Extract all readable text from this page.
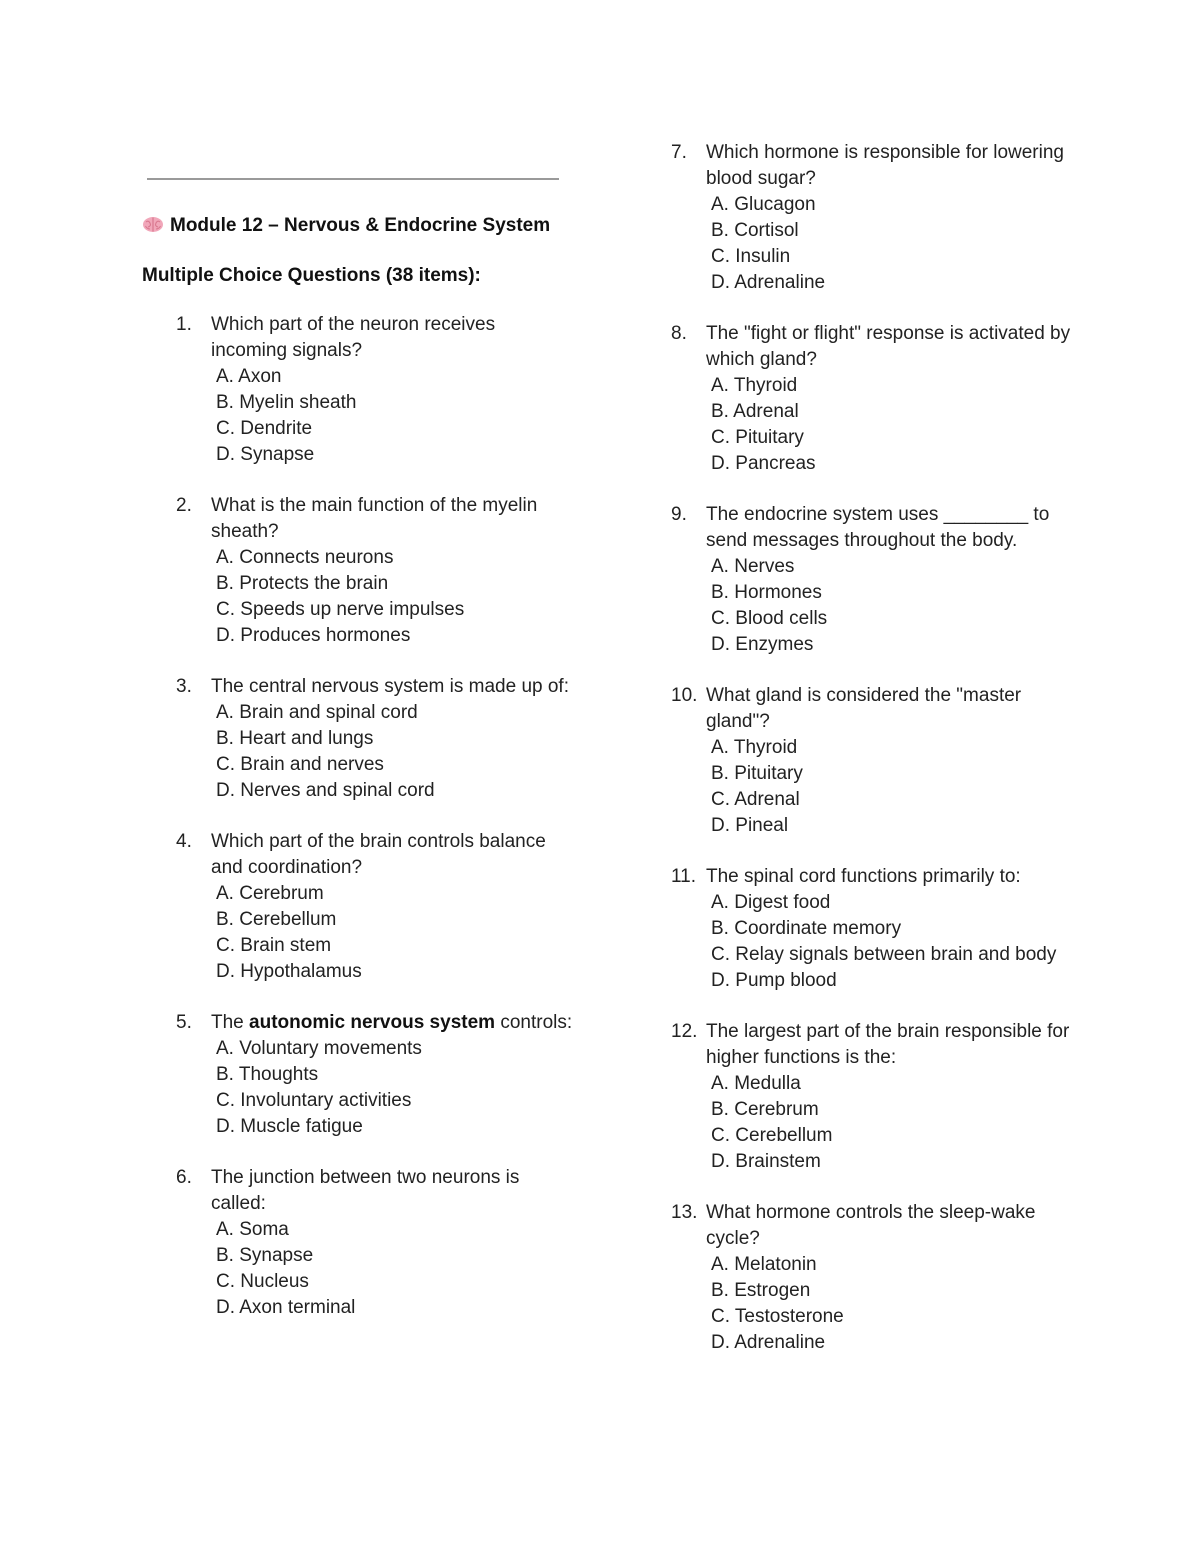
Module 12 – Nervous & Endocrine System
Multiple Choice Questions (38 items):
1. Which part of the neuron receives incoming signals?
A. Axon
B. Myelin sheath
C. Dendrite
D. Synapse
2. What is the main function of the myelin sheath?
A. Connects neurons
B. Protects the brain
C. Speeds up nerve impulses
D. Produces hormones
3. The central nervous system is made up of:
A. Brain and spinal cord
B. Heart and lungs
C. Brain and nerves
D. Nerves and spinal cord
4. Which part of the brain controls balance and coordination?
A. Cerebrum
B. Cerebellum
C. Brain stem
D. Hypothalamus
5. The autonomic nervous system controls:
A. Voluntary movements
B. Thoughts
C. Involuntary activities
D. Muscle fatigue
6. The junction between two neurons is called:
A. Soma
B. Synapse
C. Nucleus
D. Axon terminal
7. Which hormone is responsible for lowering blood sugar?
A. Glucagon
B. Cortisol
C. Insulin
D. Adrenaline
8. The "fight or flight" response is activated by which gland?
A. Thyroid
B. Adrenal
C. Pituitary
D. Pancreas
9. The endocrine system uses ________ to send messages throughout the body.
A. Nerves
B. Hormones
C. Blood cells
D. Enzymes
10. What gland is considered the "master gland"?
A. Thyroid
B. Pituitary
C. Adrenal
D. Pineal
11. The spinal cord functions primarily to:
A. Digest food
B. Coordinate memory
C. Relay signals between brain and body
D. Pump blood
12. The largest part of the brain responsible for higher functions is the:
A. Medulla
B. Cerebrum
C. Cerebellum
D. Brainstem
13. What hormone controls the sleep-wake cycle?
A. Melatonin
B. Estrogen
C. Testosterone
D. Adrenaline
